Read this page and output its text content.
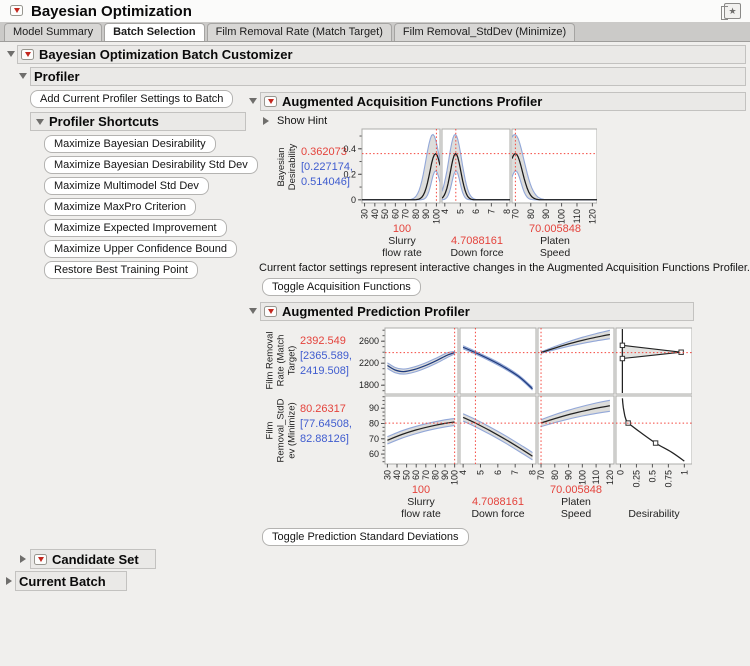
Bayesian Optimization	★
Model Summary	Batch Selection	Film Removal Rate (Match Target)	Film Removal_StdDev (Minimize)
Bayesian Optimization Batch Customizer
Profiler
Add Current Profiler Settings to Batch
Profiler Shortcuts
Maximize Bayesian Desirability
Maximize Bayesian Desirability Std Dev
Maximize Multimodel Std Dev
Maximize MaxPro Criterion
Maximize Expected Improvement
Maximize Upper Confidence Bound
Restore Best Training Point
Augmented Acquisition Functions Profiler
Show Hint
Bayesian Desirability 0.362073
[0.227174,
0.514046]
0
0.2
0.4
30 40 50 60 70 80 90 100
4 5 6 7 8
70 80 90 100 110 120
100
Slurry
flow rate
4.7088161
Down force
70.005848
Platen
Speed
Current factor settings represent interactive changes in the Augmented Acquisition Functions Profiler.
Toggle Acquisition Functions
Augmented Prediction Profiler
Film Removal Rate (Match Target)
2392.549
[2365.589,
2419.508]
Film Removal_StdD ev (Minimize) 80.26317
[77.64508,
82.88126]
1800
2200
2600
60
70
80
90
30 40 50 60 70 80 90 100
4 5 6 7 8
70 80 90 100 110 120 0 0.25 0.5 0.75 1
100
Slurry
flow rate
4.7088161
Down force
70.005848
Platen
Speed	Desirability
Toggle Prediction Standard Deviations
Candidate Set
Current Batch
